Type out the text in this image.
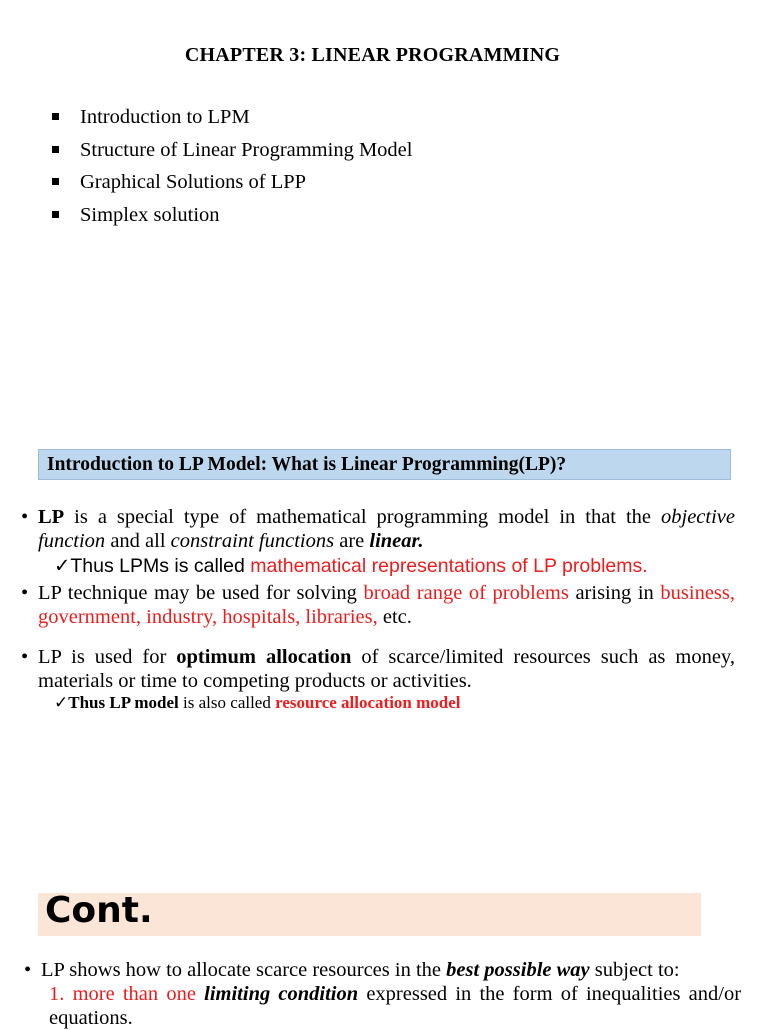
CHAPTER 3: LINEAR PROGRAMMING
Introduction to LPM
Structure of Linear Programming Model
Graphical Solutions of LPP
Simplex solution
Introduction to LP Model: What is Linear Programming(LP)?
• LP is a special type of mathematical programming model in that the objective function and all constraint functions are linear.
✓Thus LPMs is called mathematical representations of LP problems.
• LP technique may be used for solving broad range of problems arising in business, government, industry, hospitals, libraries, etc.
• LP is used for optimum allocation of scarce/limited resources such as money, materials or time to competing products or activities.
✓Thus LP model is also called resource allocation model
Cont.
• LP shows how to allocate scarce resources in the best possible way subject to:
1. more than one limiting condition expressed in the form of inequalities and/or equations.
